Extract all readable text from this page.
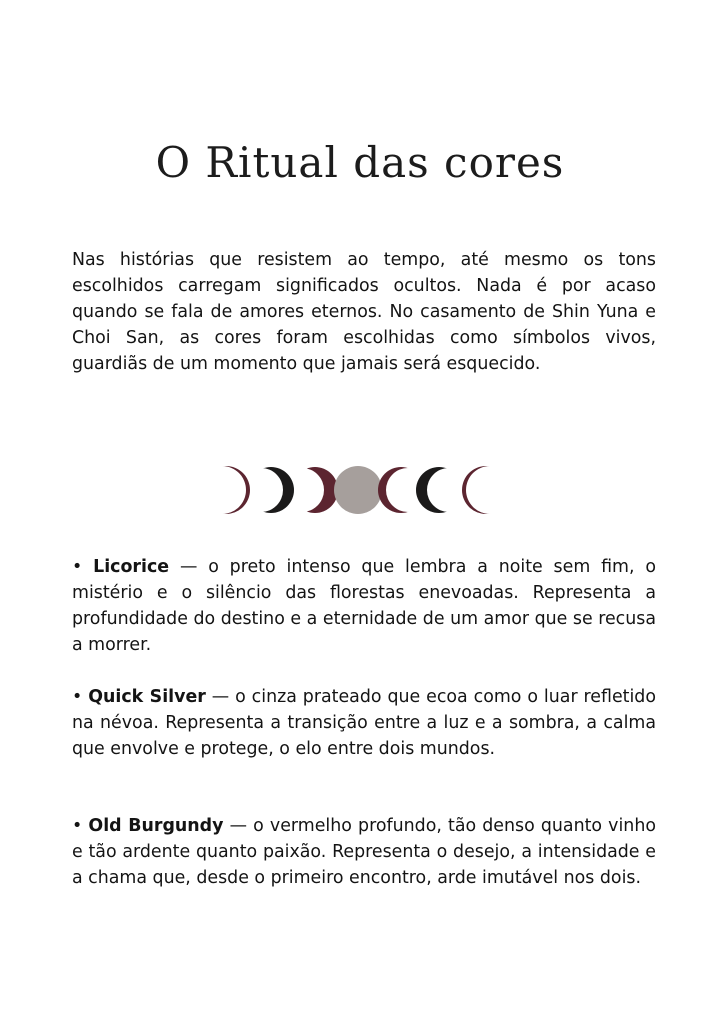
O Ritual das cores

Nas histórias que resistem ao tempo, até mesmo os tons escolhidos carregam significados ocultos. Nada é por acaso quando se fala de amores eternos. No casamento de Shin Yuna e Choi San, as cores foram escolhidas como símbolos vivos, guardiãs de um momento que jamais será esquecido.

• Licorice — o preto intenso que lembra a noite sem fim, o mistério e o silêncio das florestas enevoadas. Representa a profundidade do destino e a eternidade de um amor que se recusa a morrer.

• Quick Silver — o cinza prateado que ecoa como o luar refletido na névoa. Representa a transição entre a luz e a sombra, a calma que envolve e protege, o elo entre dois mundos.

• Old Burgundy — o vermelho profundo, tão denso quanto vinho e tão ardente quanto paixão. Representa o desejo, a intensidade e a chama que, desde o primeiro encontro, arde imutável nos dois.
